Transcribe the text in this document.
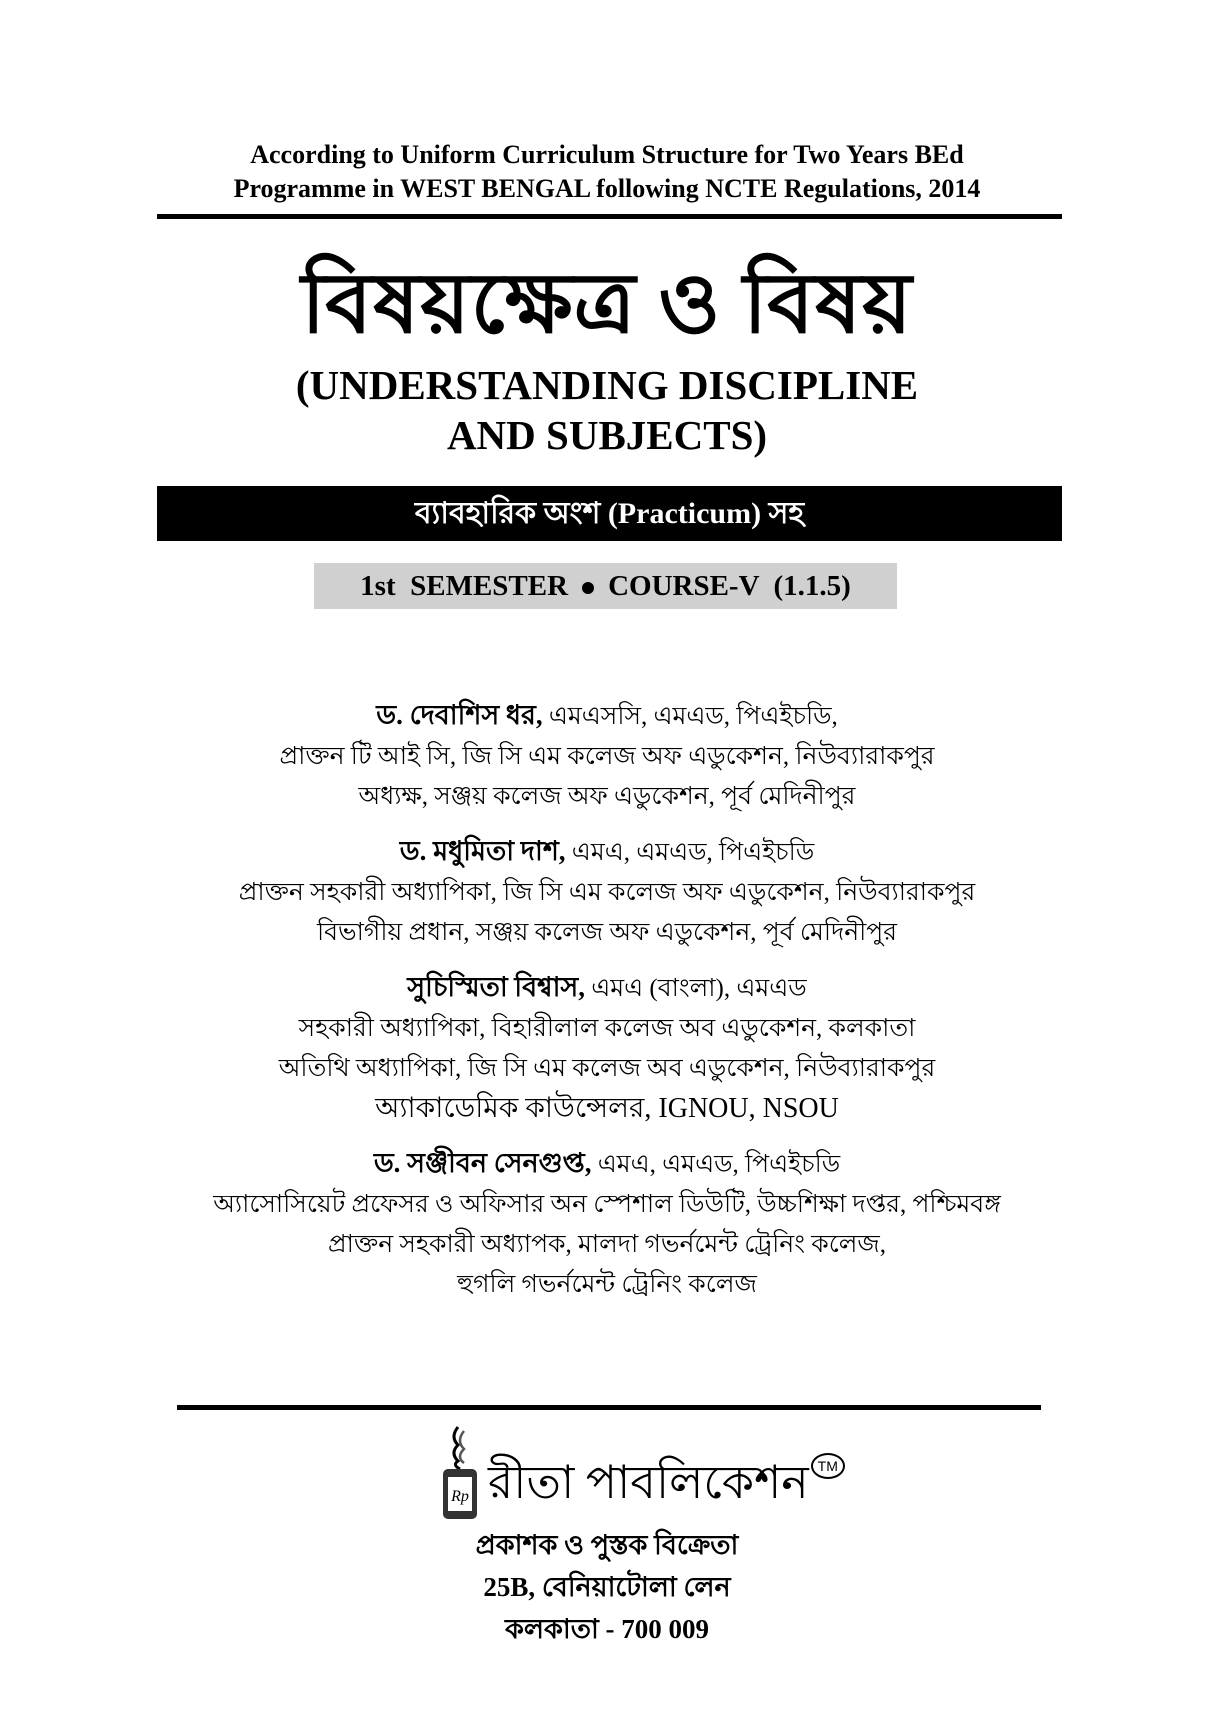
According to Uniform Curriculum Structure for Two Years BEd
Programme in WEST BENGAL following NCTE Regulations, 2014
বিষয়ক্ষেত্র ও বিষয়
(UNDERSTANDING DISCIPLINE
AND SUBJECTS)
ব্যাবহারিক অংশ (Practicum) সহ
1st  SEMESTER COURSE-V  (1.1.5)
ড. দেবাশিস ধর, এমএসসি, এমএড, পিএইচডি,
প্রাক্তন টি আই সি, জি সি এম কলেজ অফ এডুকেশন, নিউব্যারাকপুর
অধ্যক্ষ, সঞ্জয় কলেজ অফ এডুকেশন, পূর্ব মেদিনীপুর
ড. মধুমিতা দাশ, এমএ, এমএড, পিএইচডি
প্রাক্তন সহকারী অধ্যাপিকা, জি সি এম কলেজ অফ এডুকেশন, নিউব্যারাকপুর
বিভাগীয় প্রধান, সঞ্জয় কলেজ অফ এডুকেশন, পূর্ব মেদিনীপুর
সুচিস্মিতা বিশ্বাস, এমএ (বাংলা), এমএড
সহকারী অধ্যাপিকা, বিহারীলাল কলেজ অব এডুকেশন, কলকাতা
অতিথি অধ্যাপিকা, জি সি এম কলেজ অব এডুকেশন, নিউব্যারাকপুর
অ্যাকাডেমিক কাউন্সেলর, IGNOU, NSOU
ড. সঞ্জীবন সেনগুপ্ত, এমএ, এমএড, পিএইচডি
অ্যাসোসিয়েট প্রফেসর ও অফিসার অন স্পেশাল ডিউটি, উচ্চশিক্ষা দপ্তর, পশ্চিমবঙ্গ
প্রাক্তন সহকারী অধ্যাপক, মালদা গভর্নমেন্ট ট্রেনিং কলেজ,
হুগলি গভর্নমেন্ট ট্রেনিং কলেজ
Rp রীতা পাবলিকেশন TM
প্রকাশক ও পুস্তক বিক্রেতা
25B, বেনিয়াটোলা লেন
কলকাতা - 700 009
